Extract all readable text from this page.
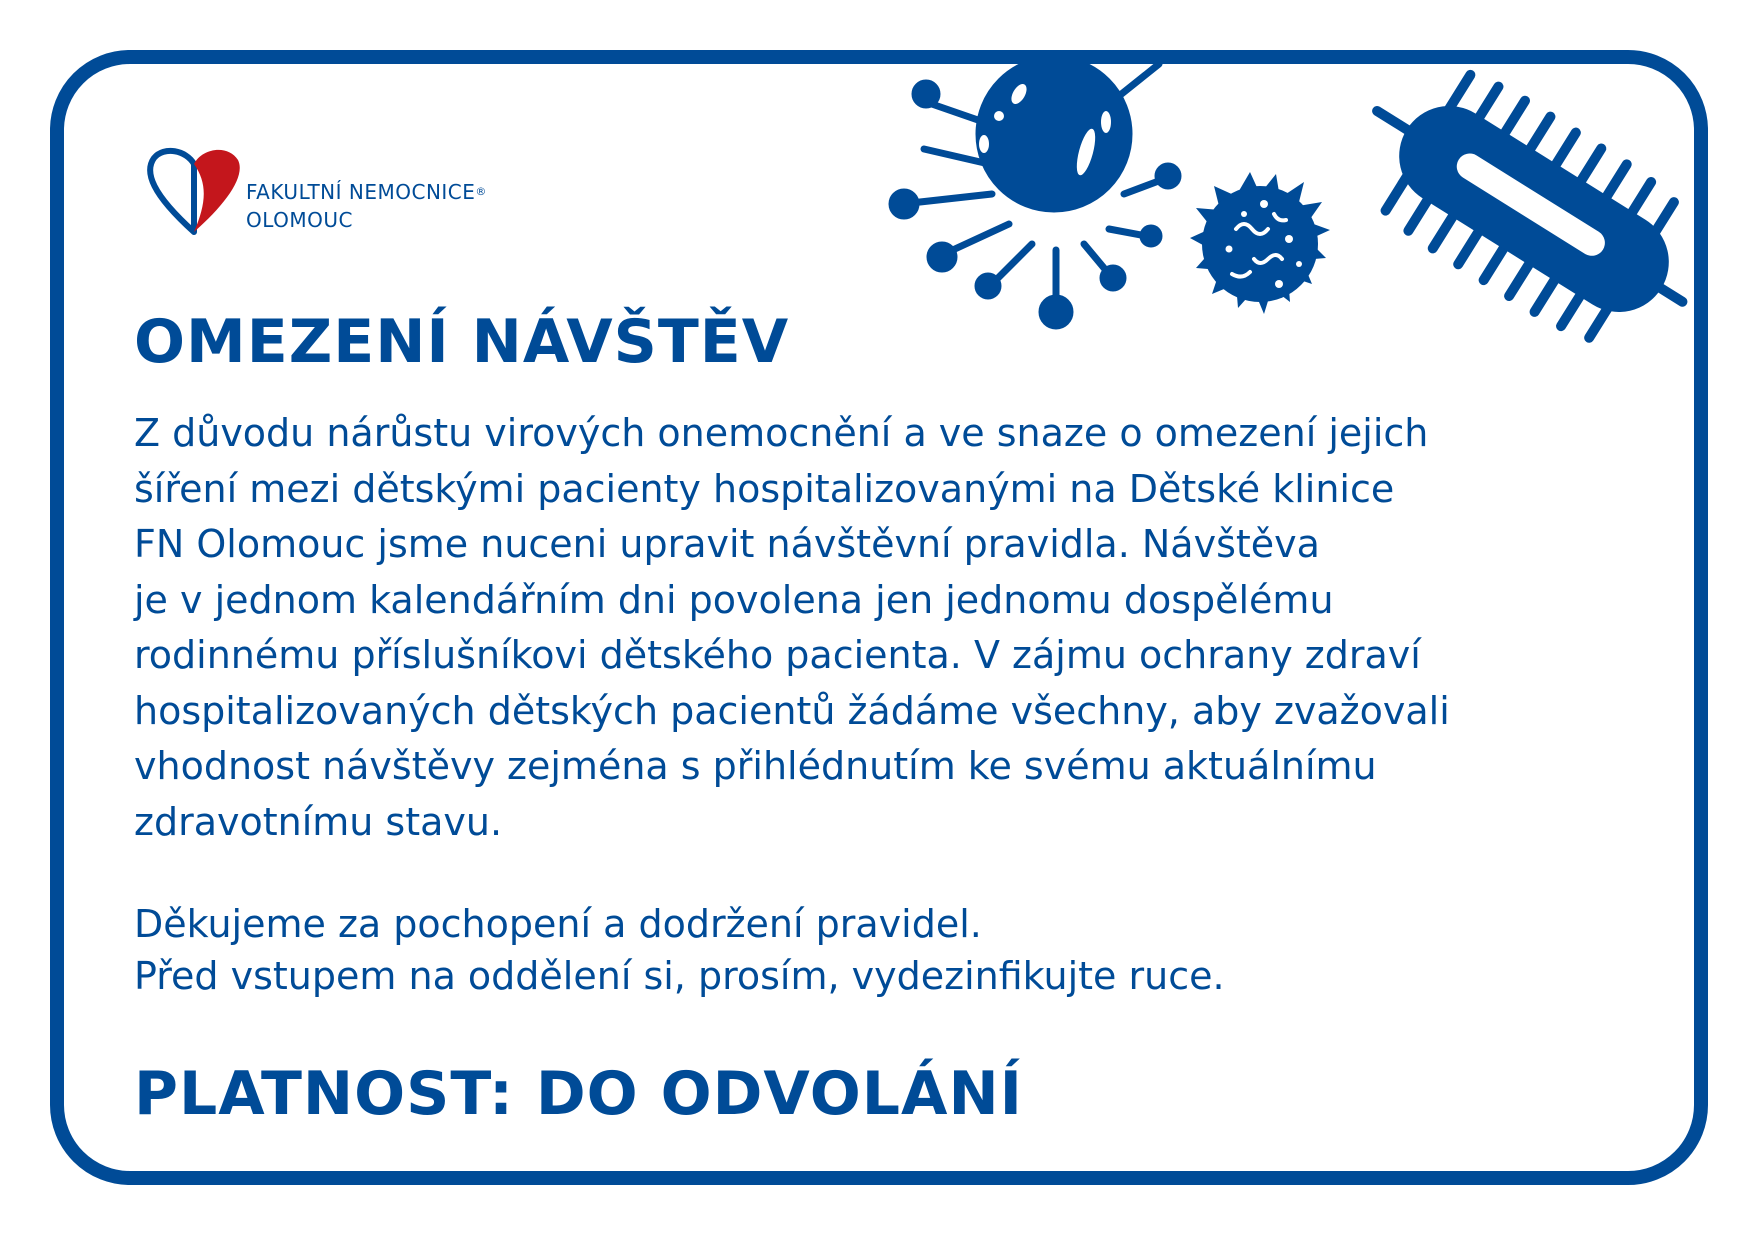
FAKULTNÍ NEMOCNICE®
OLOMOUC
OMEZENÍ NÁVŠTĚV

Z důvodu nárůstu virových onemocnění a ve snaze o omezení jejich
šíření mezi dětskými pacienty hospitalizovanými na Dětské klinice
FN Olomouc jsme nuceni upravit návštěvní pravidla. Návštěva
je v jednom kalendářním dni povolena jen jednomu dospělému
rodinnému příslušníkovi dětského pacienta. V zájmu ochrany zdraví
hospitalizovaných dětských pacientů žádáme všechny, aby zvažovali
vhodnost návštěvy zejména s přihlédnutím ke svému aktuálnímu
zdravotnímu stavu.

Děkujeme za pochopení a dodržení pravidel.
Před vstupem na oddělení si, prosím, vydezinfikujte ruce.
PLATNOST: DO ODVOLÁNÍ
